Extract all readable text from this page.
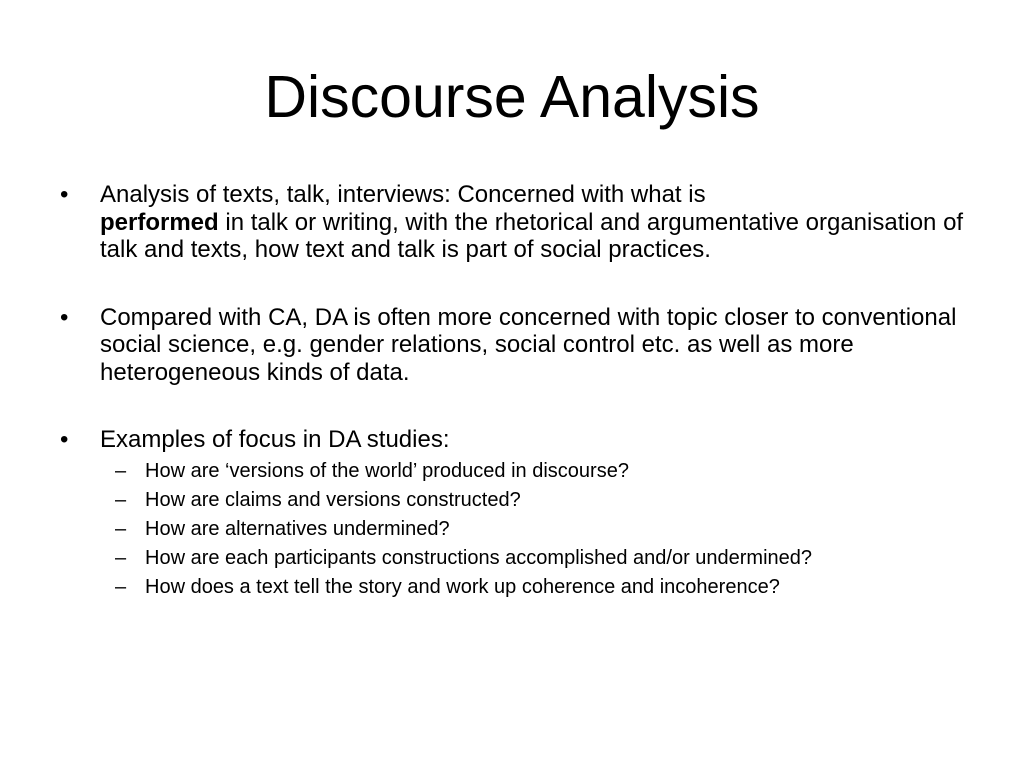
Discourse Analysis
• Analysis of texts, talk, interviews: Concerned with what is
performed in talk or writing, with the rhetorical and argumentative organisation of talk and texts, how text and talk is part of social practices.
• Compared with CA, DA is often more concerned with topic closer to conventional social science, e.g. gender relations, social control etc. as well as more heterogeneous kinds of data.
• Examples of focus in DA studies:
– How are ‘versions of the world’ produced in discourse?
– How are claims and versions constructed?
– How are alternatives undermined?
– How are each participants constructions accomplished and/or undermined?
– How does a text tell the story and work up coherence and incoherence?
